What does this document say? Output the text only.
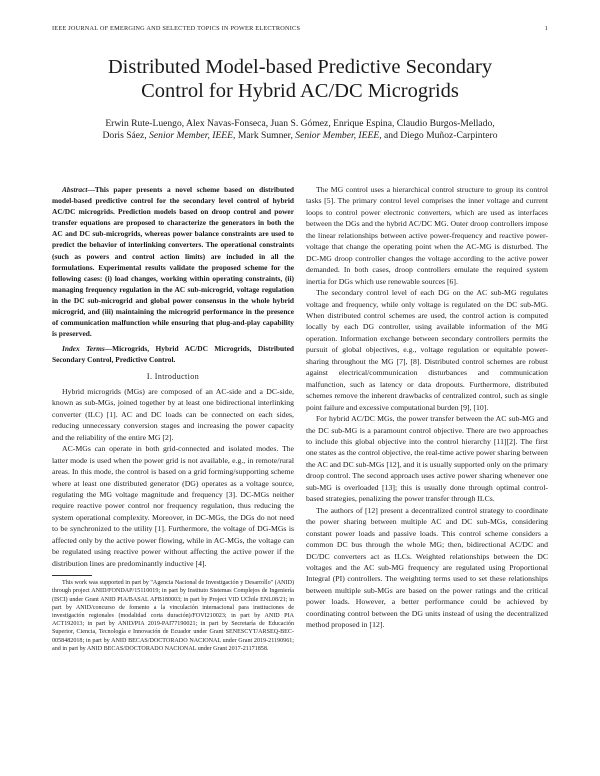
IEEE JOURNAL OF EMERGING AND SELECTED TOPICS IN POWER ELECTRONICS	1
Distributed Model-based Predictive Secondary
Control for Hybrid AC/DC Microgrids
Erwin Rute-Luengo, Alex Navas-Fonseca, Juan S. Gómez, Enrique Espina, Claudio Burgos-Mellado,
Doris Sáez, Senior Member, IEEE, Mark Sumner, Senior Member, IEEE, and Diego Muñoz-Carpintero

Abstract—This paper presents a novel scheme based on distributed model-based predictive control for the secondary level control of hybrid AC/DC microgrids. Prediction models based on droop control and power transfer equations are proposed to characterize the generators in both the AC and DC sub-microgrids, whereas power balance constraints are used to predict the behavior of interlinking converters. The operational constraints (such as powers and control action limits) are included in all the formulations. Experimental results validate the proposed scheme for the following cases: (i) load changes, working within operating constraints, (ii) managing frequency regulation in the AC sub-microgrid, voltage regulation in the DC sub-microgrid and global power consensus in the whole hybrid microgrid, and (iii) maintaining the microgrid performance in the presence of communication malfunction while ensuring that plug-and-play capability is preserved.

Index Terms—Microgrids, Hybrid AC/DC Microgrids, Distributed Secondary Control, Predictive Control.

I. Introduction

Hybrid microgrids (MGs) are composed of an AC-side and a DC-side, known as sub-MGs, joined together by at least one bidirectional interlinking converter (ILC) [1]. AC and DC loads can be connected on each sides, reducing unnecessary conversion stages and increasing the power capacity and the reliability of the entire MG [2].

AC-MGs can operate in both grid-connected and isolated modes. The latter mode is used when the power grid is not available, e.g., in remote/rural areas. In this mode, the control is based on a grid forming/supporting scheme where at least one distributed generator (DG) operates as a voltage source, regulating the MG voltage magnitude and frequency [3]. DC-MGs neither require reactive power control nor frequency regulation, thus reducing the system operational complexity. Moreover, in DC-MGs, the DGs do not need to be synchronized to the utility [1]. Furthermore, the voltage of DG-MGs is affected only by the active power flowing, while in AC-MGs, the voltage can be regulated using reactive power without affecting the active power if the distribution lines are predominantly inductive [4].

This work was supported in part by "Agencia Nacional de Investigación y Desarrollo" (ANID) through project ANID/FONDAP/15110019; in part by Instituto Sistemas Complejos de Ingeniería (ISCI) under Grant ANID PIA/BASAL AFB180003; in part by Project VID UChile ENL08/21; in part by ANID/concurso de fomento a la vinculación internacional para instituciones de investigación regionales (modalidad corta duración)/FOVI210023; in part by ANID PIA ACT192013; in part by ANID/PIA 2019-PAI77190021; in part by Secretaría de Educación Superior, Ciencia, Tecnología e Innovación de Ecuador under Grant SENESCYT/ARSEQ-BEC-0058482018; in part by ANID BECAS/DOCTORADO NACIONAL under Grant 2019-21190961; and in part by ANID BECAS/DOCTORADO NACIONAL under Grant 2017-21171858.

The MG control uses a hierarchical control structure to group its control tasks [5]. The primary control level comprises the inner voltage and current loops to control power electronic converters, which are used as interfaces between the DGs and the hybrid AC/DC MG. Outer droop controllers impose the linear relationships between active power-frequency and reactive power-voltage that change the operating point when the AC-MG is disturbed. The DC-MG droop controller changes the voltage according to the active power demanded. In both cases, droop controllers emulate the required system inertia for DGs which use renewable sources [6].

The secondary control level of each DG on the AC sub-MG regulates voltage and frequency, while only voltage is regulated on the DC sub-MG. When distributed control schemes are used, the control action is computed locally by each DG controller, using available information of the MG operation. Information exchange between secondary controllers permits the pursuit of global objectives, e.g., voltage regulation or equitable power-sharing throughout the MG [7], [8]. Distributed control schemes are robust against electrical/communication disturbances and communication malfunction, such as latency or data dropouts. Furthermore, distributed schemes remove the inherent drawbacks of centralized control, such as single point failure and excessive computational burden [9], [10].

For hybrid AC/DC MGs, the power transfer between the AC sub-MG and the DC sub-MG is a paramount control objective. There are two approaches to include this global objective into the control hierarchy [11][2]. The first one states as the control objective, the real-time active power sharing between the AC and DC sub-MGs [12], and it is usually supported only on the primary droop control. The second approach uses active power sharing whenever one sub-MG is overloaded [13]; this is usually done through optimal control-based strategies, penalizing the power transfer through ILCs.

The authors of [12] present a decentralized control strategy to coordinate the power sharing between multiple AC and DC sub-MGs, considering constant power loads and passive loads. This control scheme considers a common DC bus through the whole MG; then, bidirectional AC/DC and DC/DC converters act as ILCs. Weighted relationships between the DC voltages and the AC sub-MG frequency are regulated using Proportional Integral (PI) controllers. The weighting terms used to set these relationships between multiple sub-MGs are based on the power ratings and the critical power loads. However, a better performance could be achieved by coordinating control between the DG units instead of using the decentralized method proposed in [12].
